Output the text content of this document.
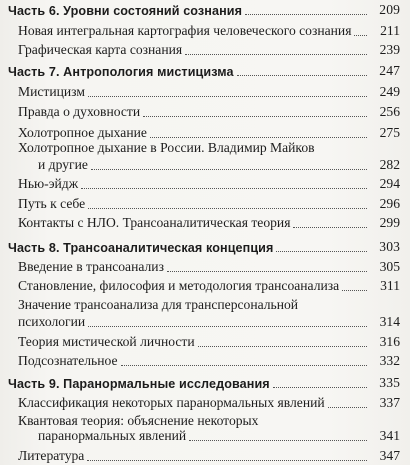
Часть 6. Уровни состояний сознания	209
Новая интегральная картография человеческого сознания	211
Графическая карта сознания	239
Часть 7. Антропология мистицизма	247
Мистицизм	249
Правда о духовности	256
Холотропное дыхание	275
Холотропное дыхание в России. Владимир Майков
и другие	282
Нью-эйдж	294
Путь к себе	296
Контакты с НЛО. Трансоаналитическая теория	299
Часть 8. Трансоаналитическая концепция	303
Введение в трансоанализ	305
Становление, философия и методология трансоанализа	311
Значение трансоанализа для трансперсональной
психологии	314
Теория мистической личности	316
Подсознательное	332
Часть 9. Паранормальные исследования	335
Классификация некоторых паранормальных явлений	337
Квантовая теория: объяснение некоторых
паранормальных явлений	341
Литература	347
